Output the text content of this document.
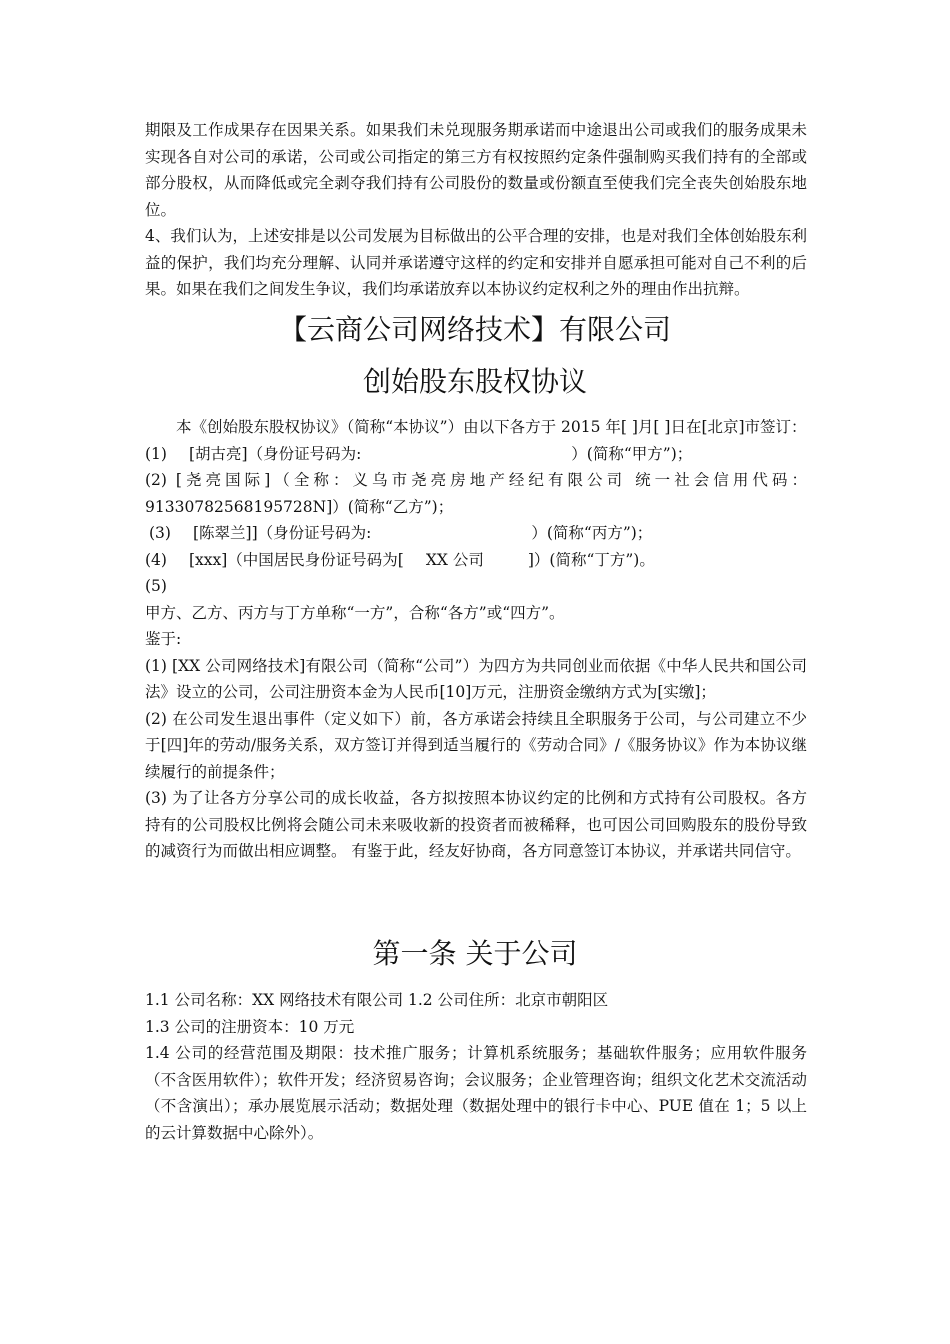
期限及工作成果存在因果关系。如果我们未兑现服务期承诺而中途退出公司或我们的服务成果未实现各自对公司的承诺，公司或公司指定的第三方有权按照约定条件强制购买我们持有的全部或部分股权，从而降低或完全剥夺我们持有公司股份的数量或份额直至使我们完全丧失创始股东地位。

4、我们认为，上述安排是以公司发展为目标做出的公平合理的安排，也是对我们全体创始股东利益的保护，我们均充分理解、认同并承诺遵守这样的约定和安排并自愿承担可能对自己不利的后果。如果在我们之间发生争议，我们均承诺放弃以本协议约定权利之外的理由作出抗辩。

【云商公司网络技术】有限公司
创始股东股权协议

本《创始股东股权协议》（简称“本协议”）由以下各方于 2015 年[ ]月[ ]日在[北京]市签订：

(1) [胡古亮]（身份证号码为:	）(简称“甲方”)；

(2) [尧亮国际]（全称：义乌市尧亮房地产经纪有限公司 统一社会信用代码：91330782568195728N]）(简称“乙方”)；

(3) [陈翠兰]]（身份证号码为:	）(简称“丙方”)；

(4) [xxx]（中国居民身份证号码为[ XX 公司	]）(简称“丁方”)。

(5)

甲方、乙方、丙方与丁方单称“一方”，合称“各方”或“四方”。

鉴于:

(1) [XX 公司网络技术]有限公司（简称“公司”）为四方为共同创业而依据《中华人民共和国公司法》设立的公司，公司注册资本金为人民币[10]万元，注册资金缴纳方式为[实缴]；

(2) 在公司发生退出事件（定义如下）前，各方承诺会持续且全职服务于公司，与公司建立不少于[四]年的劳动/服务关系，双方签订并得到适当履行的《劳动合同》/《服务协议》作为本协议继续履行的前提条件；

(3) 为了让各方分享公司的成长收益，各方拟按照本协议约定的比例和方式持有公司股权。各方持有的公司股权比例将会随公司未来吸收新的投资者而被稀释，也可因公司回购股东的股份导致的减资行为而做出相应调整。 有鉴于此，经友好协商，各方同意签订本协议，并承诺共同信守。

第一条 关于公司

1.1 公司名称：XX 网络技术有限公司 1.2 公司住所：北京市朝阳区

1.3 公司的注册资本：10 万元

1.4 公司的经营范围及期限：技术推广服务；计算机系统服务；基础软件服务；应用软件服务（不含医用软件）；软件开发；经济贸易咨询；会议服务；企业管理咨询；组织文化艺术交流活动（不含演出）；承办展览展示活动；数据处理（数据处理中的银行卡中心、PUE 值在 1；5 以上的云计算数据中心除外）。
